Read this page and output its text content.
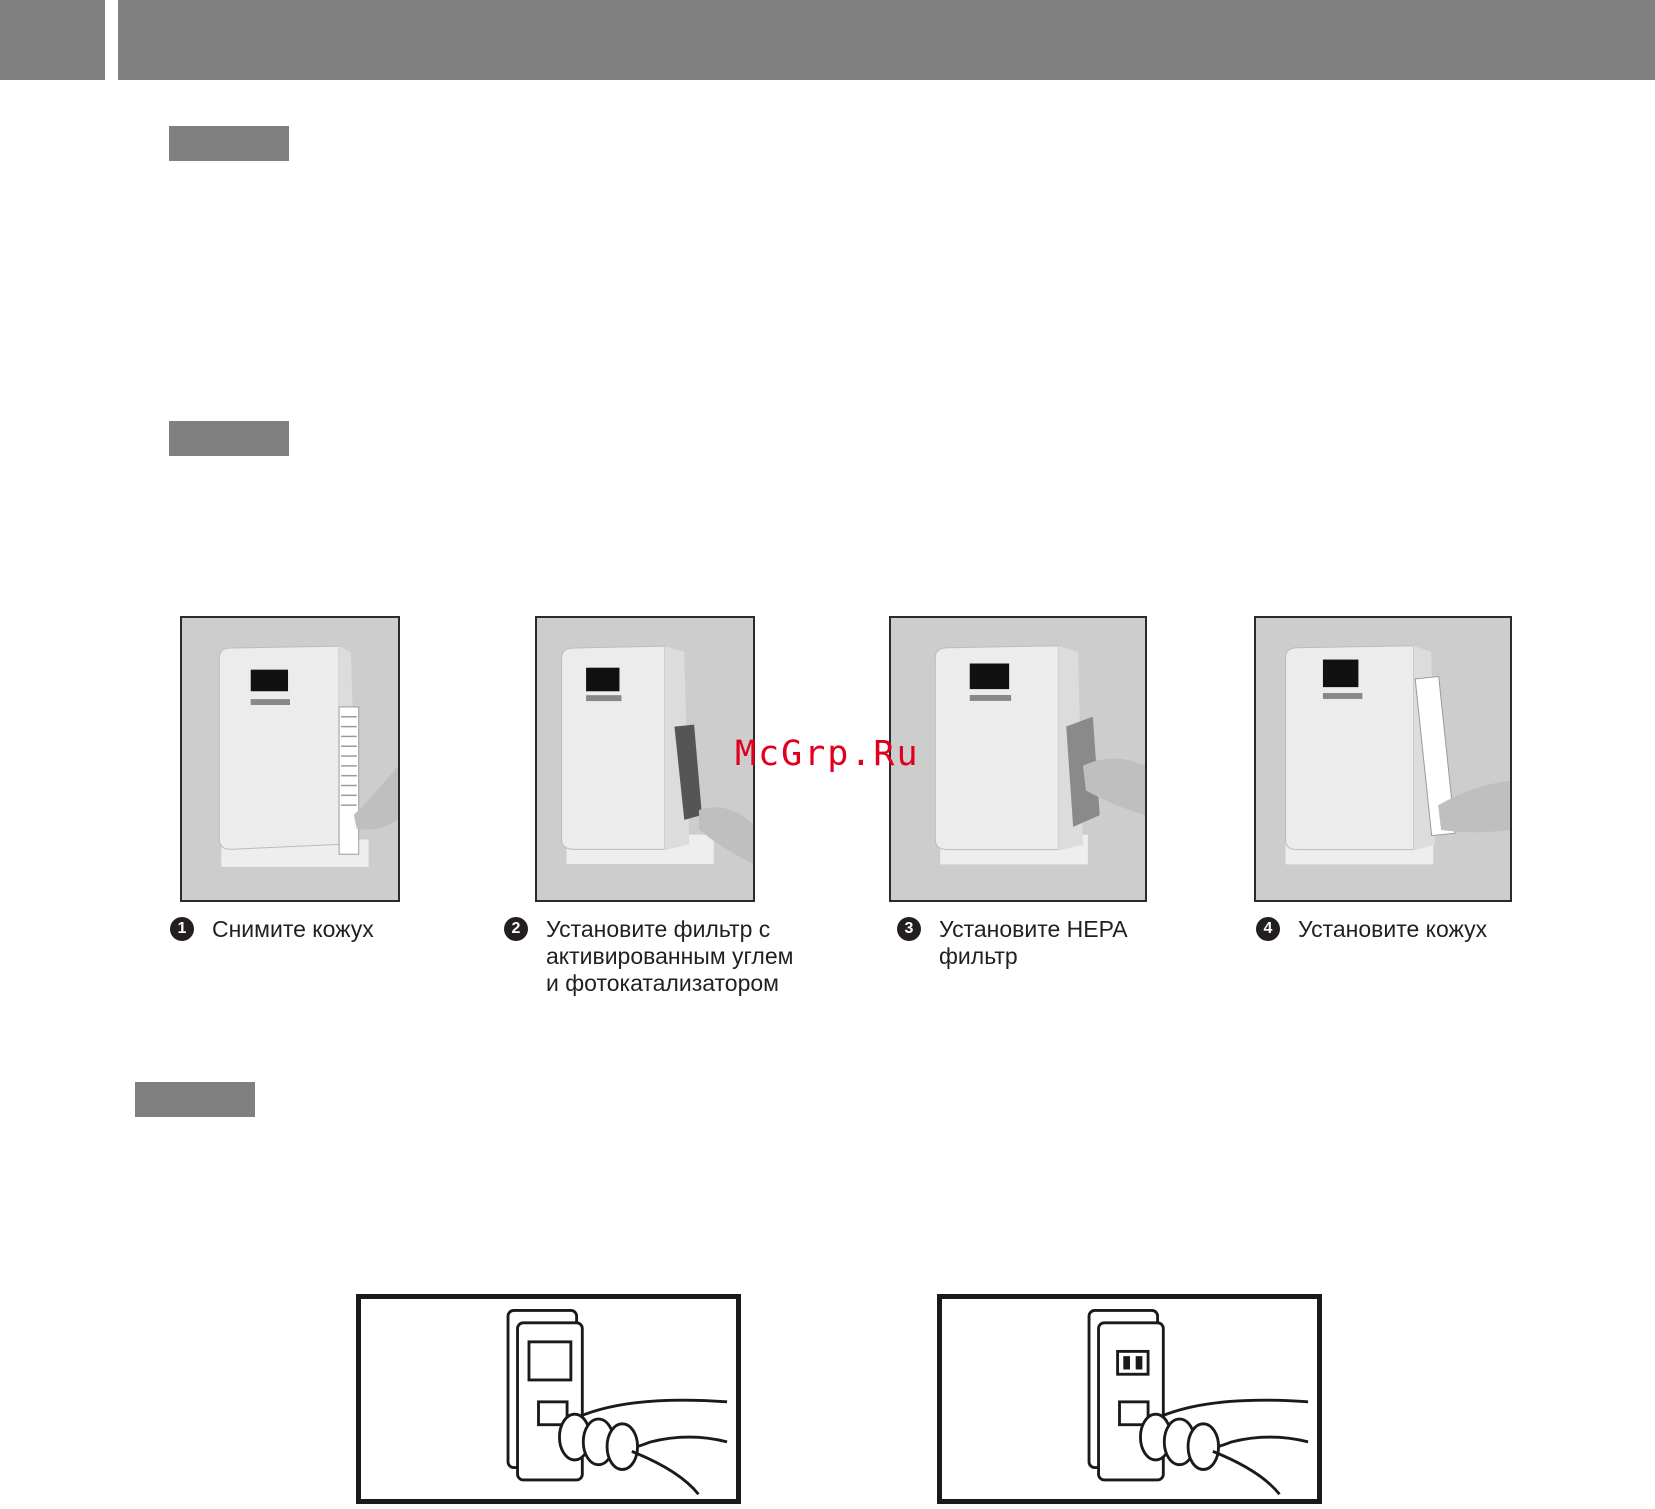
1	Снимите кожух	2	Установите фильтр с
активированным углем
и фотокатализатором
3	Установите HEPA
фильтр
4	Установите кожух
McGrp.Ru
